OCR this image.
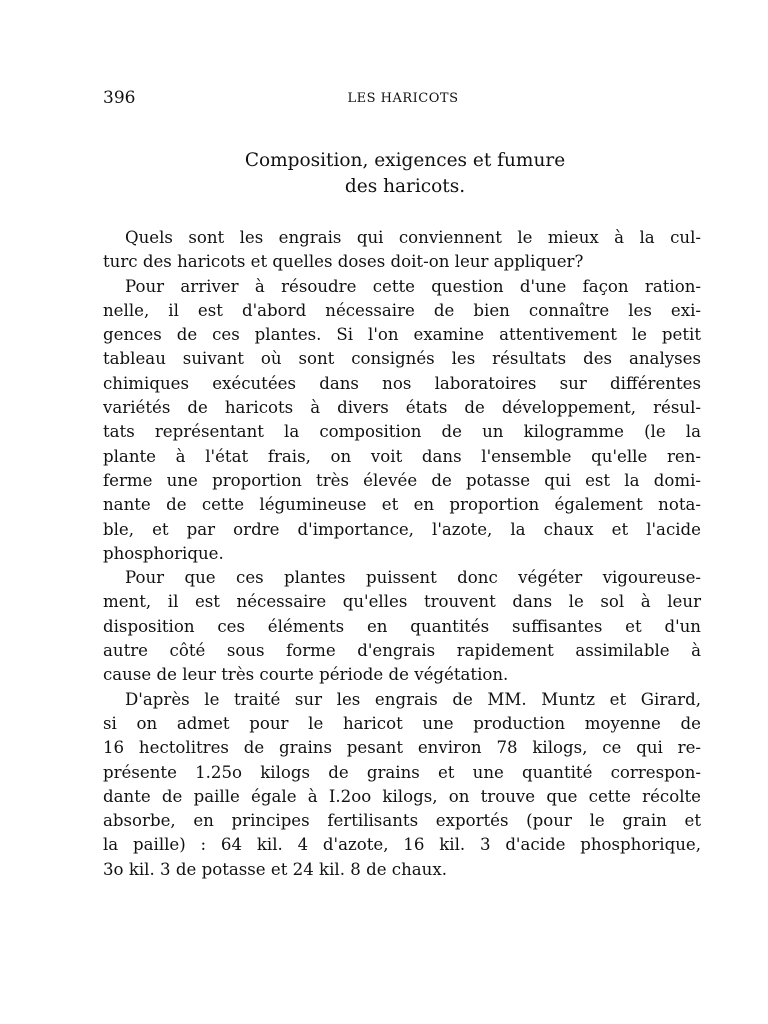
396	LES HARICOTS
Composition, exigences et fumure
des haricots.
Quels sont les engrais qui conviennent le mieux à la cul-
turc des haricots et quelles doses doit-on leur appliquer?
Pour arriver à résoudre cette question d'une façon ration-
nelle, il est d'abord nécessaire de bien connaître les exi-
gences de ces plantes. Si l'on examine attentivement le petit
tableau suivant où sont consignés les résultats des analyses
chimiques exécutées dans nos laboratoires sur différentes
variétés de haricots à divers états de développement, résul-
tats représentant la composition de un kilogramme (le la
plante à l'état frais, on voit dans l'ensemble qu'elle ren-
ferme une proportion très élevée de potasse qui est la domi-
nante de cette légumineuse et en proportion également nota-
ble, et par ordre d'importance, l'azote, la chaux et l'acide
phosphorique.
Pour que ces plantes puissent donc végéter vigoureuse-
ment, il est nécessaire qu'elles trouvent dans le sol à leur
disposition ces éléments en quantités suffisantes et d'un
autre côté sous forme d'engrais rapidement assimilable à
cause de leur très courte période de végétation.
D'après le traité sur les engrais de MM. Muntz et Girard,
si on admet pour le haricot une production moyenne de
16 hectolitres de grains pesant environ 78 kilogs, ce qui re-
présente 1.25o kilogs de grains et une quantité correspon-
dante de paille égale à I.2oo kilogs, on trouve que cette récolte
absorbe, en principes fertilisants exportés (pour le grain et
la paille) : 64 kil. 4 d'azote, 16 kil. 3 d'acide phosphorique,
3o kil. 3 de potasse et 24 kil. 8 de chaux.
